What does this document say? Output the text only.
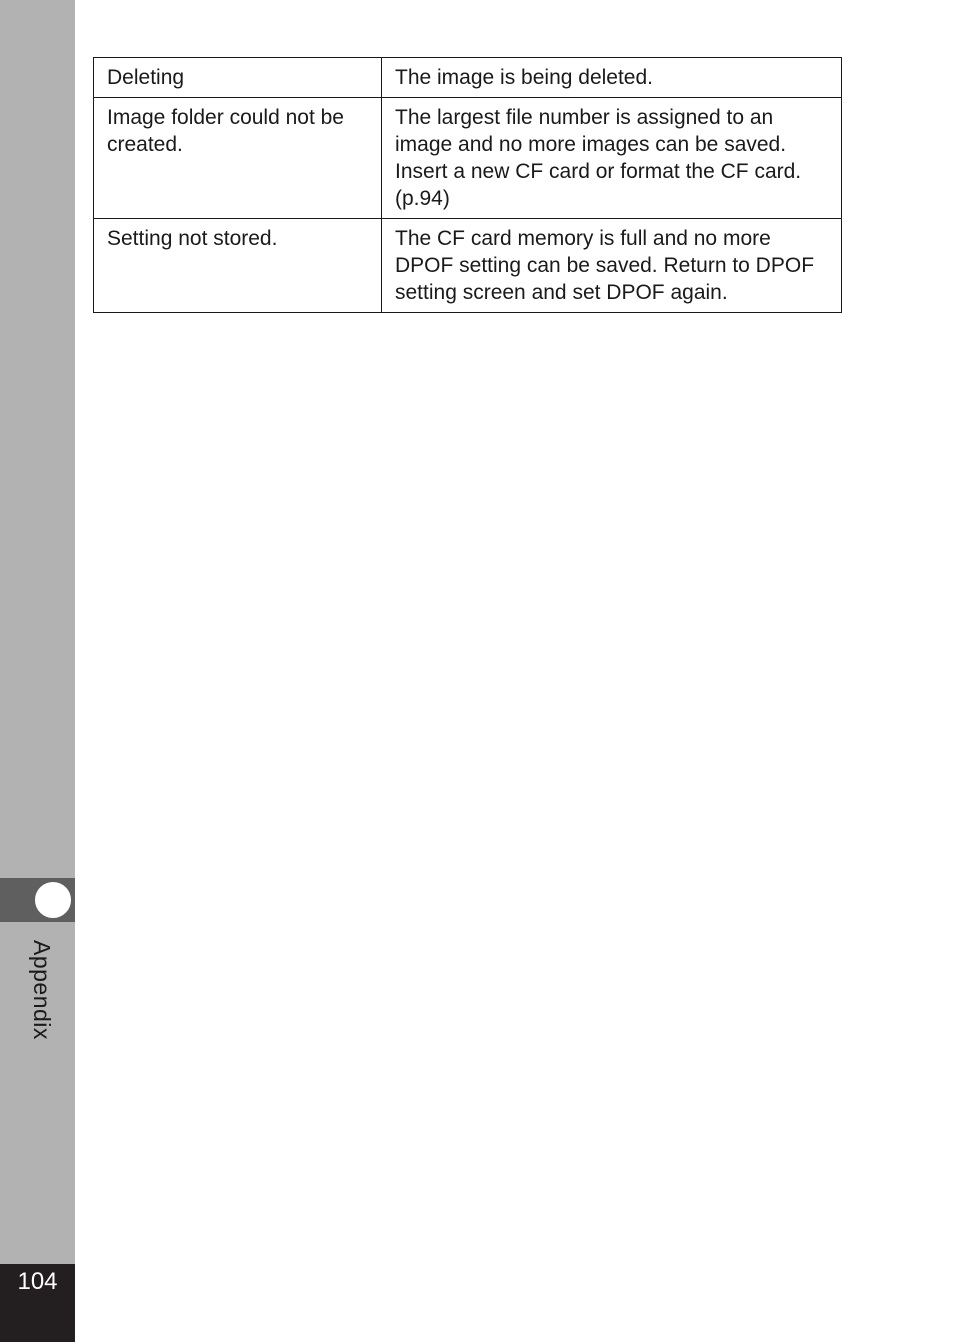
Appendix
104
Deleting	The image is being deleted.
Image folder could not be created.	The largest file number is assigned to an image and no more images can be saved. Insert a new CF card or format the CF card. (p.94)
Setting not stored.	The CF card memory is full and no more DPOF setting can be saved. Return to DPOF setting screen and set DPOF again.
